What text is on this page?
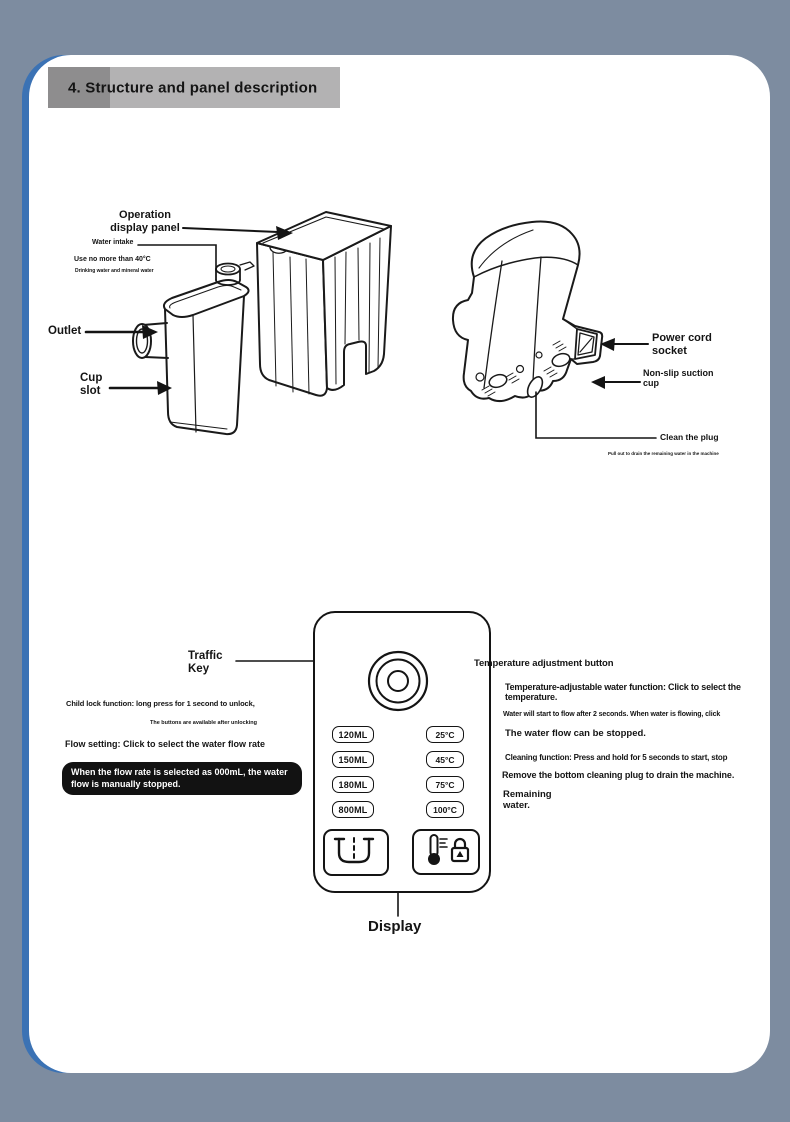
4. Structure and panel description
Operation display panel
Water intake
Use no more than 40°C
Drinking water and mineral water
Outlet
Cup slot
Power cord socket
Non-slip suction cup
Clean the plug
Pull out to drain the remaining water in the machine
120ML
150ML
180ML
800ML
25°C
45°C
75°C
100°C
Display
Traffic Key
Child lock function: long press for 1 second to unlock,
The buttons are available after unlocking
Flow setting: Click to select the water flow rate
When the flow rate is selected as 000mL, the water flow is manually stopped.
Temperature adjustment button
Temperature-adjustable water function: Click to select the temperature.
Water will start to flow after 2 seconds. When water is flowing, click
The water flow can be stopped.
Cleaning function: Press and hold for 5 seconds to start, stop
Remove the bottom cleaning plug to drain the machine.
Remaining water.
